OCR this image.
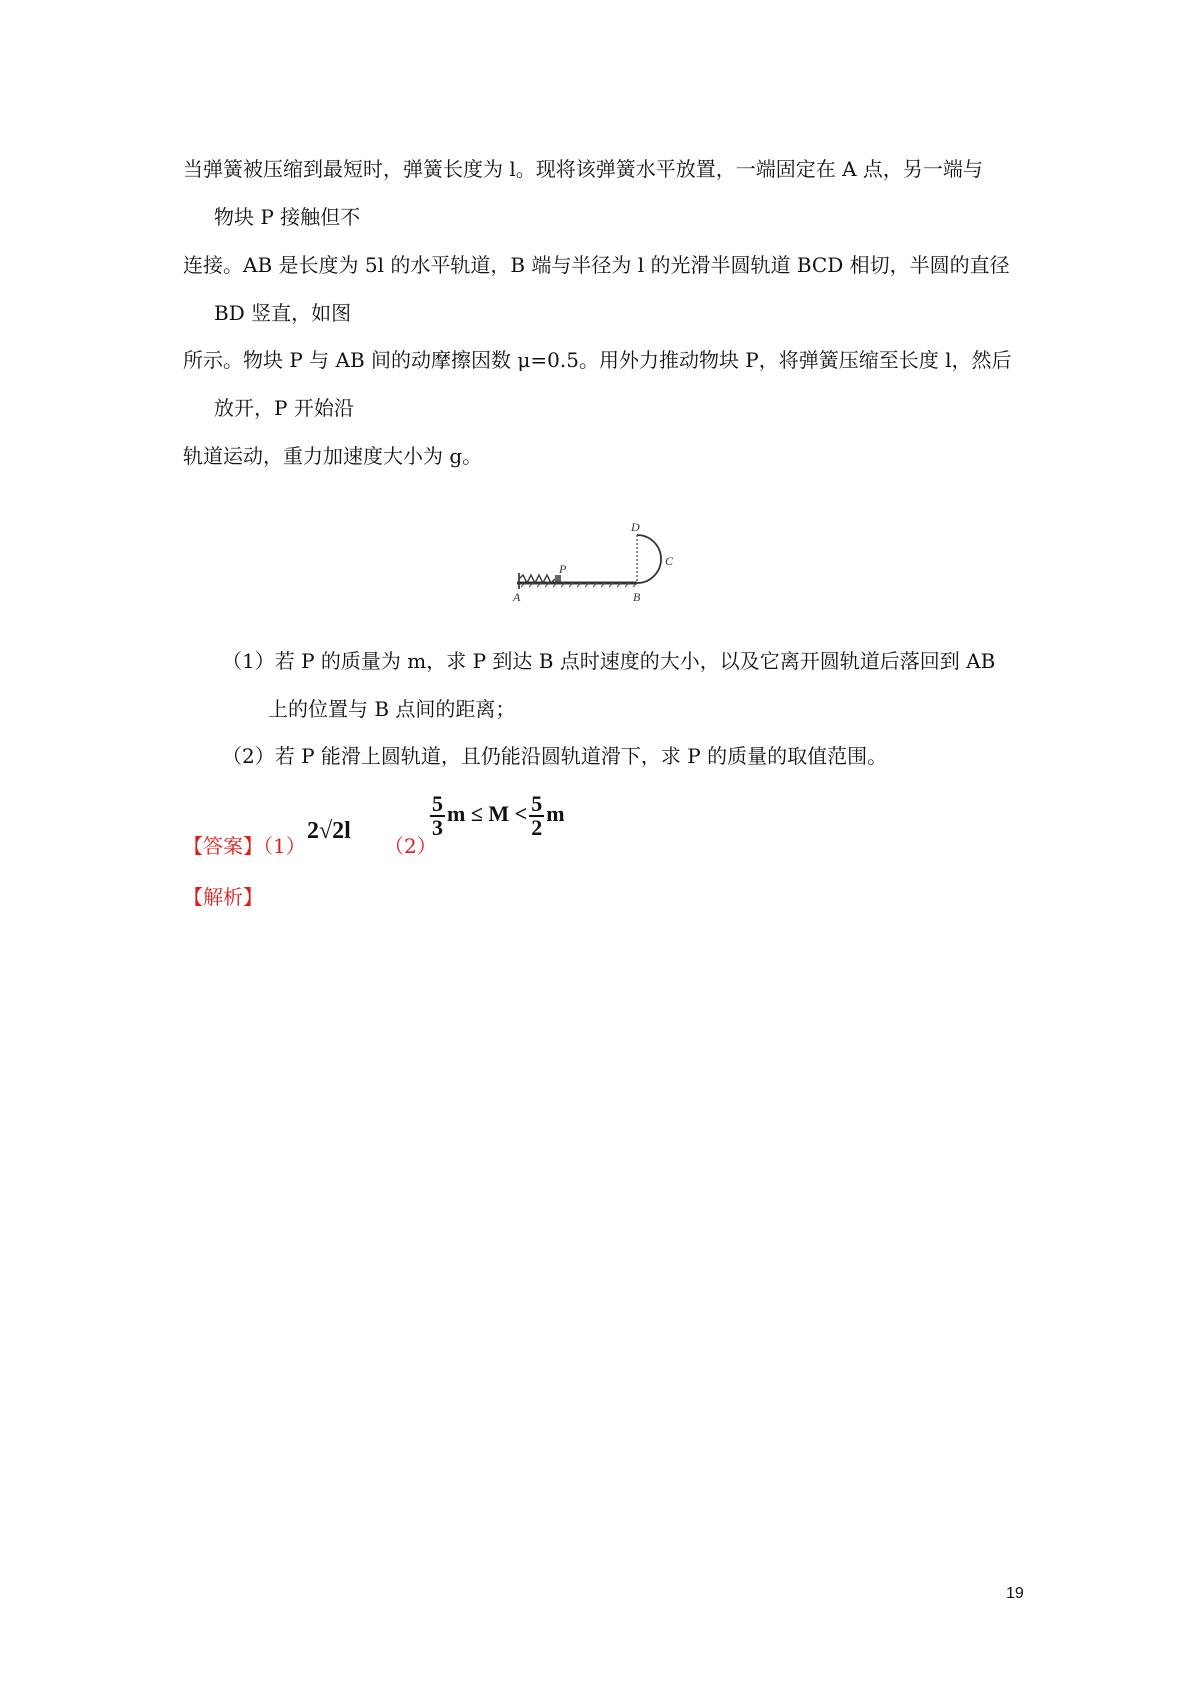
当弹簧被压缩到最短时，弹簧长度为 l。现将该弹簧水平放置，一端固定在 A 点，另一端与
物块 P 接触但不
连接。AB 是长度为 5l 的水平轨道，B 端与半径为 l 的光滑半圆轨道 BCD 相切，半圆的直径
BD 竖直，如图
所示。物块 P 与 AB 间的动摩擦因数 μ=0.5。用外力推动物块 P，将弹簧压缩至长度 l，然后
放开，P 开始沿
轨道运动，重力加速度大小为 g。
A	B
C
D
P
（1）若 P 的质量为 m，求 P 到达 B 点时速度的大小，以及它离开圆轨道后落回到 AB
上的位置与 B 点间的距离；
（2）若 P 能滑上圆轨道，且仍能沿圆轨道滑下，求 P 的质量的取值范围。
【答案】（1）
2√2l
（2）
$\frac{5}{3}$ $m \le M < \frac{5}{2}$ m
【解析】
19
